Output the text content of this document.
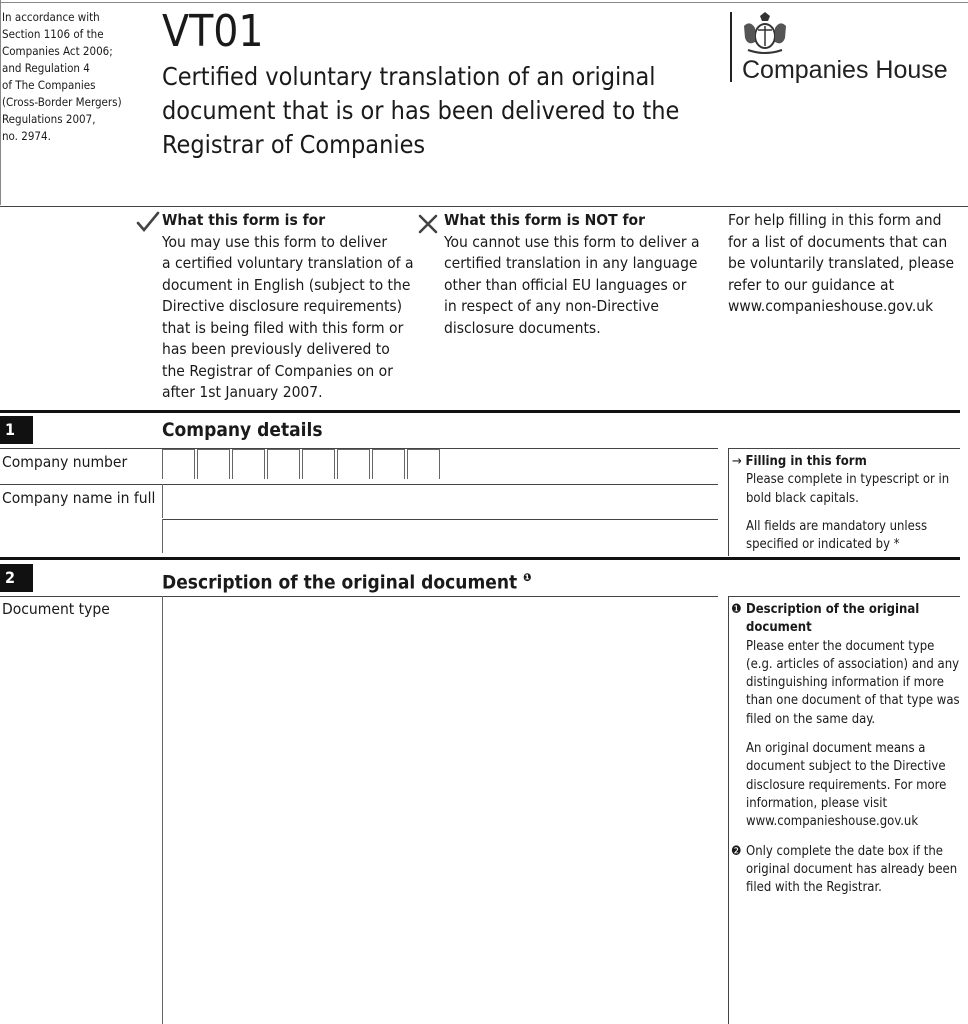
In accordance with
Section 1106 of the
Companies Act 2006;
and Regulation 4
of The Companies
(Cross-Border Mergers)
Regulations 2007,
no. 2974.
VT01
Certified voluntary translation of an original document that is or has been delivered to the Registrar of Companies
Companies House
What this form is for
You may use this form to deliver
a certified voluntary translation of a
document in English (subject to the
Directive disclosure requirements)
that is being filed with this form or
has been previously delivered to
the Registrar of Companies on or
after 1st January 2007.
What this form is NOT for
You cannot use this form to deliver a
certified translation in any language
other than official EU languages or
in respect of any non-Directive
disclosure documents.
For help filling in this form and
for a list of documents that can
be voluntarily translated, please
refer to our guidance at
www.companieshouse.gov.uk
1	Company details
Company number
Company name in full
→ Filling in this form
Please complete in typescript or in
bold black capitals.
All fields are mandatory unless
specified or indicated by *
2	Description of the original document $^❶$
Document type	❶ Description of the original document
Please enter the document type
(e.g. articles of association) and any
distinguishing information if more
than one document of that type was
filed on the same day.
An original document means a
document subject to the Directive
disclosure requirements. For more
information, please visit
www.companieshouse.gov.uk
❷ Only complete the date box if the
original document has already been
filed with the Registrar.
